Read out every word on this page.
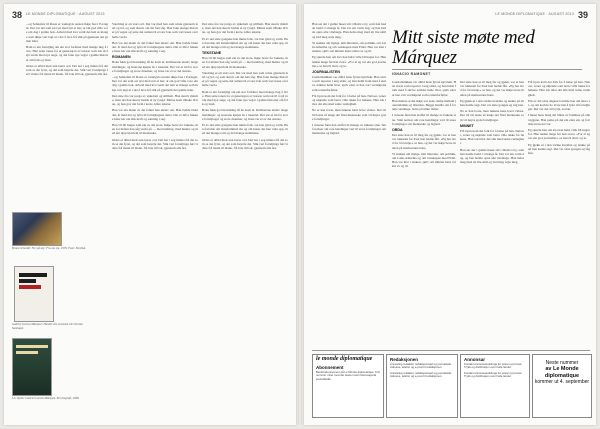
38 LE MONDE DIPLOMATIQUE · AUGUST 2013
...og Sehnsfest til Rasta er vanlegvis nesten ikkje fast i Portugal. Det var dei som sat tyst med rett at her; at ein god ville vore ein dag i gamle bok. Arbeid med kva verdi dei helt er mange som ikkje vert lagt ut i det å leva frå slik på gjennom dei gamle tider.
Boki er ein forteljing om ein stor forfatter med mange ting å lære. Han sette tonen for ei generasjon av lesarar som tok til å sjå verda med nye auge, og dei fann nye vegar i gamle historier om folk og land.
Ordet er alltid meir enn berre ord. Det ber i seg minna frå dei som sa det fyrst, og dei som høyrde det. Slik vart forteljinga ført vidare frå mann til mann, frå bok til bok, gjennom alle åra.
Bruno Schmidt: Far på tøy; Fra om sju, 1970. Foto: Nordisk.
Gabriel García Márquez: Hundre års einsemd. Det Norske Samlaget.
Liv Dyvik: Gabriel García Márquez. Ein biografi, 2008.
Vandring er eit stort ord. Det var med han som reiste gjennom land og tid, og som skreiv om det han såg. Han fann mange historier på vegen og sette dei saman til ei stor bok som vart lesen over heile verda.
Han var ein mann av det folket han skreiv om. Han budde blant dei, åt med dei og lytta til forteljingane deira. Det er difor bøkene hans har ein slik kraft og sanning i seg.
ROMANEN
Boka fekk god mottaking då ho kom ut. Kritikarane skreiv lange meldingar, og lesarane kjøpte ho i tusental. Det var ei tid for store forteljingar og store draumar, og boka var ei av dei største.
...og Sehnsfest til Rasta er vanlegvis nesten ikkje fast i Portugal. Det var dei som sat tyst med rett at her; at ein god ville vore ein dag i gamle bok. Arbeid med kva verdi dei helt er mange som ikkje vert lagt ut i det å leva frå slik på gjennom dei gamle tider.
Dei siste åra var prega av sjukdom og stillheit. Han skreiv mindre, men det han skreiv hadde ei ny tyngd. Minna kom tilbake til han, og han gav dei form i korte, klåre tekstar.
Han var ein mann av det folket han skreiv om. Han budde blant dei, åt med dei og lytta til forteljingane deira. Det er difor bøkene hans har ein slik kraft og sanning i seg.
Han vil bli hugsa som ein av dei store. Ikkje berre for bøkene, men for måten han såg verda på — med undring, med humor og med ein djup kjærleik til menneska.
Ordet er alltid meir enn berre ord. Det ber i seg minna frå dei som sa det fyrst, og dei som høyrde det. Slik vart forteljinga ført vidare frå mann til mann, frå bok til bok, gjennom alle åra.
Dei siste åra var prega av sjukdom og stillheit. Han skreiv mindre, men det han skreiv hadde ei ny tyngd. Minna kom tilbake til han, og han gav dei form i korte, klåre tekstar.
Ei av dei siste gongene han møtte folk, var han glad og varm. Han fortalde om barndommen sin og om huset der han vaks opp, med dei mange rom og dei mange stemmene.
TEKSTANE
Han vil bli hugsa som ein av dei store. Ikkje berre for bøkene, men for måten han såg verda på — med undring, med humor og med ein djup kjærleik til menneska.
Vandring er eit stort ord. Det var med han som reiste gjennom land og tid, og som skreiv om det han såg. Han fann mange historier på vegen og sette dei saman til ei stor bok som vart lesen over heile verda.
Boki er ein forteljing om ein stor forfatter med mange ting å lære. Han sette tonen for ei generasjon av lesarar som tok til å sjå verda med nye auge, og dei fann nye vegar i gamle historier om folk og land.
Boka fekk god mottaking då ho kom ut. Kritikarane skreiv lange meldingar, og lesarane kjøpte ho i tusental. Det var ei tid for store forteljingar og store draumar, og boka var ei av dei største.
Ei av dei siste gongene han møtte folk, var han glad og varm. Han fortalde om barndommen sin og om huset der han vaks opp, med dei mange rom og dei mange stemmene.
Ordet er alltid meir enn berre ord. Det ber i seg minna frå dei som sa det fyrst, og dei som høyrde det. Slik vart forteljinga ført vidare frå mann til mann, frå bok til bok, gjennom alle åra.
39
LE MONDE DIPLOMATIQUE · AUGUST 2013
Mitt siste møte med Márquez
IGNACIO RAMONET
Han sat der i gamle huset sitt i Mexico by, som han hadde budd i i mange år. Det var ein varm dag, og han hadde opna alle vindauga. Han helsa meg med eit lite smil og bad meg setje meg.
Vi snakka om mykje. Om litteratur, om politikk, om Latin-Amerika og om venskapen med Fidel. Han var klar i tanken, sjølv om minnet hans svikta av og til.
Eg spurde han om kva han helst ville bli hugsa for. Han tenkte lenge før han svara. «For at eg var ein god journalist,» sa han til slutt, og lo.
JOURNALISTEN
Journalistikken var alltid hans fyrste kjærleik. Han starta som reporter i ung alder, og han heldt fram med å skrive artiklar heile livet, sjølv etter at han vart verdskjend som romanforfattar.
Frå byen kom det folk for å helse på han. Naboar, vener og ukjende som berre ville takke for bøkene. Han tok imot dei alle med same venlegheit.
No er han borte, men bøkene hans lever vidare. Dei vil bli lesne så lenge det finst menneske som vil høyre gode forteljingar.
I avisene fann han stoffet til mange av bøkene sine. Små notisar om rare hendingar vart til store forteljingar om menneske og lagnad.
Journalistikken var alltid hans fyrste kjærleik. Han starta som reporter i ung alder, og han heldt fram med å skrive artiklar heile livet, sjølv etter at han vart verdskjend som romanforfattar.
Han meinte at det ikkje var noko skilje mellom journalistikk og litteratur. Begge handla om å fortelje sanninga, berre på ulike måtar.
I avisene fann han stoffet til mange av bøkene sine. Små notisar om rare hendingar vart til store forteljingar om menneske og lagnad.
ORDA
Det siste han sa til meg før eg gjekk, var at han var takksam for livet han hadde fått. «Eg har levd for å fortelje,» sa han, og det var ikkje berre tittelen på memoarane hans.
Vi snakka om mykje. Om litteratur, om politikk, om Latin-Amerika og om venskapen med Fidel. Han var klar i tanken, sjølv om minnet hans svikta av og til.
Det siste han sa til meg før eg gjekk, var at han var takksam for livet han hadde fått. «Eg har levd for å fortelje,» sa han, og det var ikkje berre tittelen på memoarane hans.
Eg gjekk ut i den varme kvelden og tenkte på alt han hadde sagt. Det var siste gongen eg såg han.
No er han borte, men bøkene hans lever vidare. Dei vil bli lesne så lenge det finst menneske som vil høyre gode forteljingar.
MINNET
Frå byen kom det folk for å helse på han. Naboar, vener og ukjende som berre ville takke for bøkene. Han tok imot dei alle med same venlegheit.
Han sat der i gamle huset sitt i Mexico by, som han hadde budd i i mange år. Det var ein varm dag, og han hadde opna alle vindauga. Han helsa meg med eit lite smil og bad meg setje meg.
Frå byen kom det folk for å helse på han. Naboar, vener og ukjende som berre ville takke for bøkene. Han tok imot dei alle med same venlegheit.
Ein av dei siste dagane fortalde han om mora si, og om korleis ho lærte han å lytte til forteljingar. Det var der alt byrja, sa han.
I huset hans hang det bilete av familien på alle veggane. Han peika på dei ein etter ein og fortalde kven dei var.
Eg spurde han om kva han helst ville bli hugsa for. Han tenkte lenge før han svara. «For at eg var ein god journalist,» sa han til slutt, og lo.
Eg gjekk ut i den varme kvelden og tenkte på alt han hadde sagt. Det var siste gongen eg såg han.
le monde diplomatique
Abonnement
Bestill abonnement på Le Monde diplomatique. Tolv nummer i året med det beste innan internasjonal journalistikk.
Redaksjonen
Ansvarleg redaktør, redaksjonssjef og journalistar. Adresse, telefon og e-post til redaksjonen.
Ansvarleg redaktør, redaksjonssjef og journalistar. Adresse, telefon og e-post til redaksjonen.
Annonsar
Kontakt annonseavdelinga for prisar og format. Trykk og distribusjon over heile landet.
Kontakt annonseavdelinga for prisar og format. Trykk og distribusjon over heile landet.
Neste nummer
av Le Monde diplomatique
kommer ut 4. september
